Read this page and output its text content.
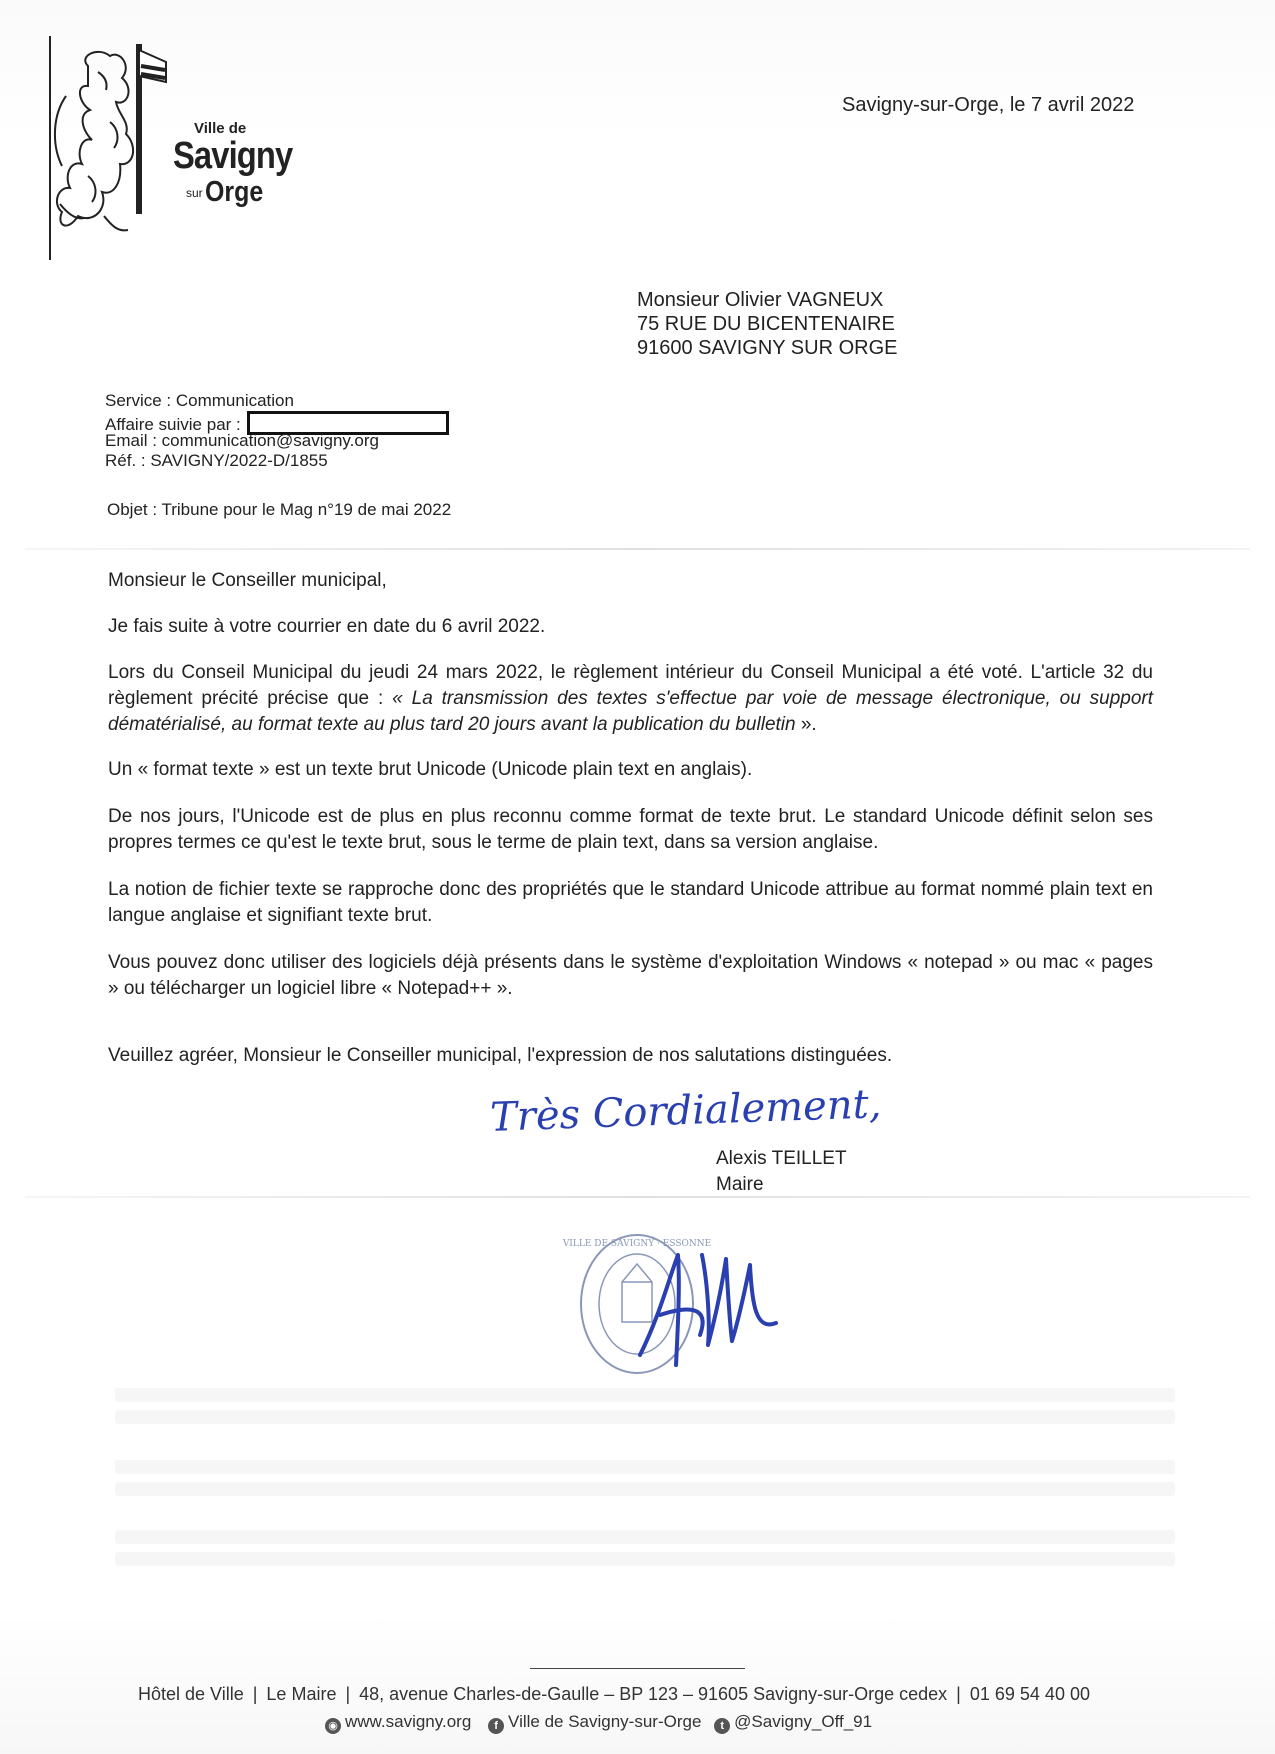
Ville de
Savigny
sur Orge
Savigny-sur-Orge, le 7 avril 2022
Monsieur Olivier VAGNEUX
75 RUE DU BICENTENAIRE
91600 SAVIGNY SUR ORGE
Service : Communication
Affaire suivie par :
Email : communication@savigny.org
Réf. : SAVIGNY/2022-D/1855
Objet : Tribune pour le Mag n°19 de mai 2022
Monsieur le Conseiller municipal,
Je fais suite à votre courrier en date du 6 avril 2022.
Lors du Conseil Municipal du jeudi 24 mars 2022, le règlement intérieur du Conseil Municipal a été voté. L'article 32 du règlement précité précise que : « La transmission des textes s'effectue par voie de message électronique, ou support dématérialisé, au format texte au plus tard 20 jours avant la publication du bulletin ».
Un « format texte » est un texte brut Unicode (Unicode plain text en anglais).
De nos jours, l'Unicode est de plus en plus reconnu comme format de texte brut. Le standard Unicode définit selon ses propres termes ce qu'est le texte brut, sous le terme de plain text, dans sa version anglaise.
La notion de fichier texte se rapproche donc des propriétés que le standard Unicode attribue au format nommé plain text en langue anglaise et signifiant texte brut.
Vous pouvez donc utiliser des logiciels déjà présents dans le système d'exploitation Windows « notepad » ou mac « pages » ou télécharger un logiciel libre « Notepad++ ».
Veuillez agréer, Monsieur le Conseiller municipal, l'expression de nos salutations distinguées.
Très Cordialement,
Alexis TEILLET
Maire
VILLE DE SAVIGNY · ESSONNE
Hôtel de Ville | Le Maire | 48, avenue Charles-de-Gaulle – BP 123 – 91605 Savigny-sur-Orge cedex | 01 69 54 40 00
◉ www.savigny.org f Ville de Savigny-sur-Orge t @Savigny_Off_91
